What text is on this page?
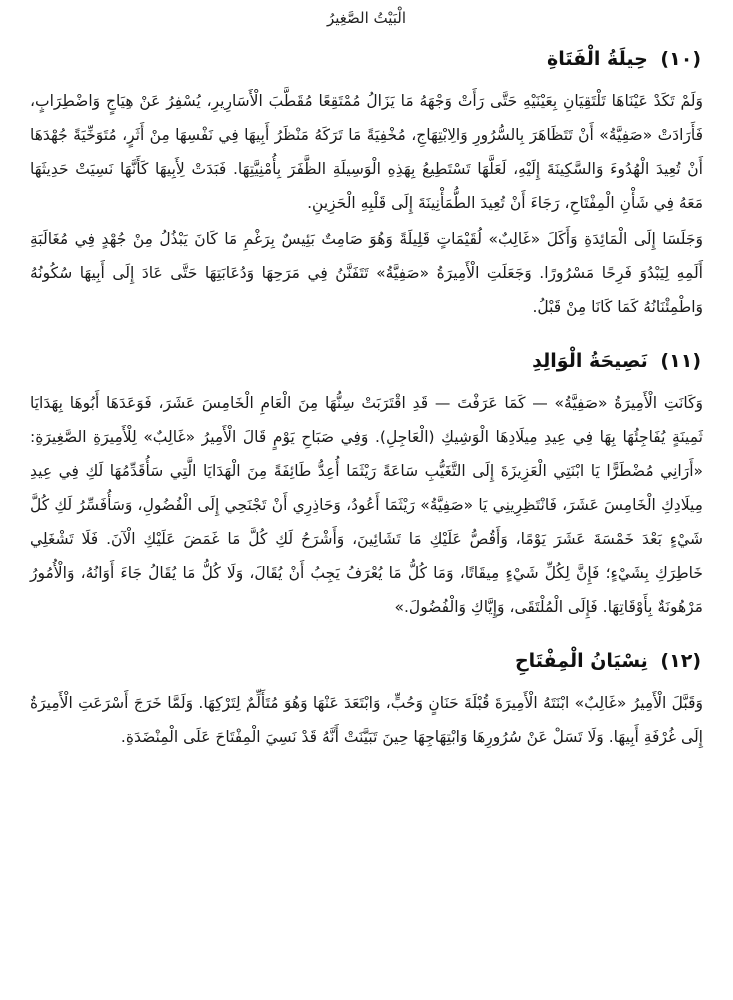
الْبَيْتُ الصَّغِيرُ
(١٠) حِيلَةُ الْفَتَاةِ

وَلَمْ تَكَدْ عَيْنَاهَا تَلْتَقِيَانِ بِعَيْنَيْهِ حَتَّى رَأَتْ وَجْهَهُ مَا يَزَالُ مُمْتَقِعًا مُقَطَّبَ الْأَسَارِيرِ، يُسْفِرُ عَنْ هِيَاجٍ وَاضْطِرَابٍ، فَأَرَادَتْ «صَفِيَّةُ» أَنْ تَتَظَاهَرَ بِالسُّرُورِ وَالِابْتِهَاجِ، مُخْفِيَةً مَا تَرَكَهُ مَنْظَرُ أَبِيهَا فِي نَفْسِهَا مِنْ أَثَرٍ، مُتَوَخِّيَةً جُهْدَهَا أَنْ تُعِيدَ الْهُدُوءَ وَالسَّكِينَةَ إِلَيْهِ، لَعَلَّهَا تَسْتَطِيعُ بِهَذِهِ الْوَسِيلَةِ الظَّفَرَ بِأُمْنِيَّتِهَا. فَبَدَتْ لِأَبِيهَا كَأَنَّهَا نَسِيَتْ حَدِيثَهَا مَعَهُ فِي شَأْنِ الْمِفْتَاحِ، رَجَاءَ أَنْ تُعِيدَ الطُّمَأْنِينَةَ إِلَى قَلْبِهِ الْحَزِينِ.

وَجَلَسَا إِلَى الْمَائِدَةِ وَأَكَلَ «غَالِبٌ» لُقَيْمَاتٍ قَلِيلَةً وَهُوَ صَامِتٌ بَئِيسٌ بِرَغْمِ مَا كَانَ يَبْذُلُ مِنْ جُهْدٍ فِي مُغَالَبَةِ أَلَمِهِ لِيَبْدُوَ فَرِحًا مَسْرُورًا. وَجَعَلَتِ الْأَمِيرَةُ «صَفِيَّةُ» تَتَفَنَّنُ فِي مَرَحِهَا وَدُعَابَتِهَا حَتَّى عَادَ إِلَى أَبِيهَا سُكُونُهُ وَاطْمِئْنَانُهُ كَمَا كَانَا مِنْ قَبْلُ.

(١١) نَصِيحَةُ الْوَالِدِ

وَكَانَتِ الْأَمِيرَةُ «صَفِيَّةُ» — كَمَا عَرَفْتَ — قَدِ اقْتَرَبَتْ سِنُّهَا مِنَ الْعَامِ الْخَامِسَ عَشَرَ، فَوَعَدَهَا أَبُوهَا بِهَدَايَا ثَمِينَةٍ يُفَاجِئُهَا بِهَا فِي عِيدِ مِيلَادِهَا الْوَشِيكِ (الْعَاجِلِ). وَفِي صَبَاحِ يَوْمٍ قَالَ الْأَمِيرُ «غَالِبٌ» لِلْأَمِيرَةِ الصَّغِيرَةِ: «أَرَانِي مُضْطَرًّا يَا ابْنَتِي الْعَزِيزَةَ إِلَى التَّغَيُّبِ سَاعَةً رَيْثَمَا أُعِدُّ طَائِفَةً مِنَ الْهَدَايَا الَّتِي سَأُقَدِّمُهَا لَكِ فِي عِيدِ مِيلَادِكِ الْخَامِسَ عَشَرَ، فَانْتَظِرِينِي يَا «صَفِيَّةُ» رَيْثَمَا أَعُودُ، وَحَاذِرِي أَنْ تَجْنَحِي إِلَى الْفُضُولِ، وَسَأُفَسِّرُ لَكِ كُلَّ شَيْءٍ بَعْدَ خَمْسَةَ عَشَرَ يَوْمًا، وَأَقُصُّ عَلَيْكِ مَا تَشَائِينَ، وَأَشْرَحُ لَكِ كُلَّ مَا غَمَضَ عَلَيْكِ الْآنَ. فَلَا تَشْغَلِي خَاطِرَكِ بِشَيْءٍ؛ فَإِنَّ لِكُلِّ شَيْءٍ مِيقَاتًا، وَمَا كُلُّ مَا يُعْرَفُ يَجِبُ أَنْ يُقَالَ، وَلَا كُلُّ مَا يُقَالُ جَاءَ أَوَانُهُ، وَالْأُمُورُ مَرْهُونَةٌ بِأَوْقَاتِهَا. فَإِلَى الْمُلْتَقَى، وَإِيَّاكِ وَالْفُضُولَ.»

(١٢) نِسْيَانُ الْمِفْتَاحِ

وَقَبَّلَ الْأَمِيرُ «غَالِبٌ» ابْنَتَهُ الْأَمِيرَةَ قُبْلَةَ حَنَانٍ وَحُبٍّ، وَابْتَعَدَ عَنْهَا وَهُوَ مُتَأَلِّمٌ لِتَرْكِهَا. وَلَمَّا خَرَجَ أَسْرَعَتِ الْأَمِيرَةُ إِلَى غُرْفَةِ أَبِيهَا. وَلَا تَسَلْ عَنْ سُرُورِهَا وَابْتِهَاجِهَا حِينَ تَبَيَّنَتْ أَنَّهُ قَدْ نَسِيَ الْمِفْتَاحَ عَلَى الْمِنْضَدَةِ.
